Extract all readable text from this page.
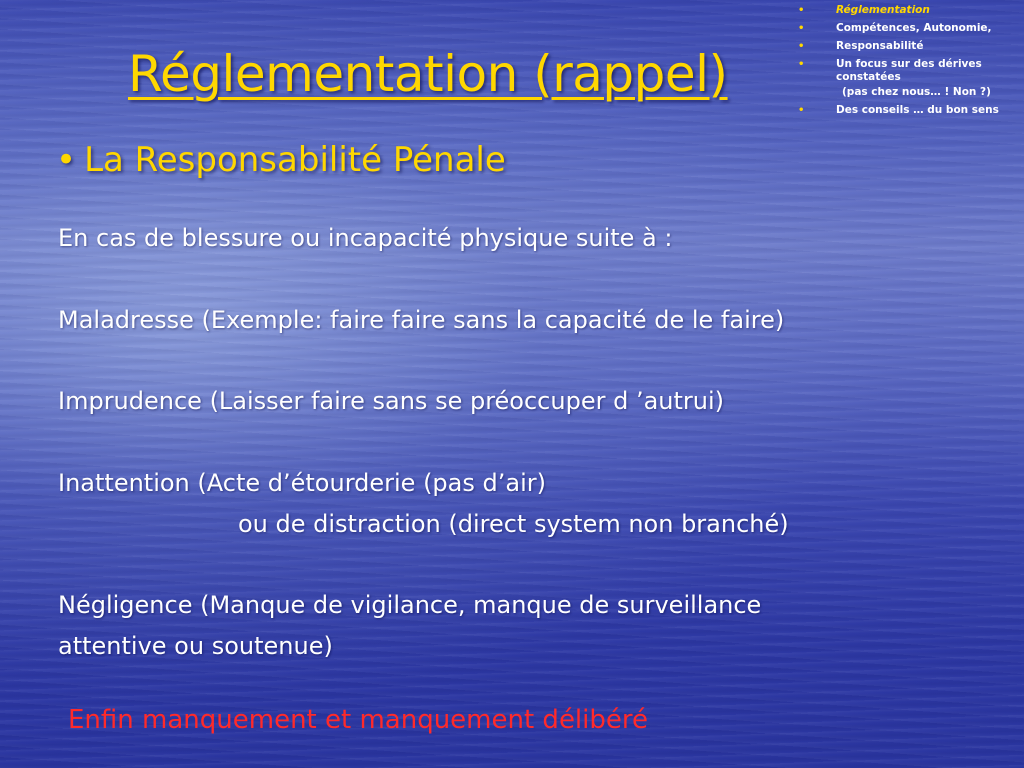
Réglementation (rappel)
•	Réglementation
•	Compétences, Autonomie,
•	Responsabilité
•	Un focus sur des dérives constatées
(pas chez nous… ! Non ?)
•	Des conseils … du bon sens
• La Responsabilité Pénale

En cas de blessure ou incapacité physique suite à :

Maladresse (Exemple: faire faire sans la capacité de le faire)

Imprudence (Laisser faire sans se préoccuper d ’autrui)

Inattention (Acte d’étourderie (pas d’air)

ou de distraction (direct system non branché)

Négligence (Manque de vigilance, manque de surveillance

attentive ou soutenue)

Enfin manquement et manquement délibéré
